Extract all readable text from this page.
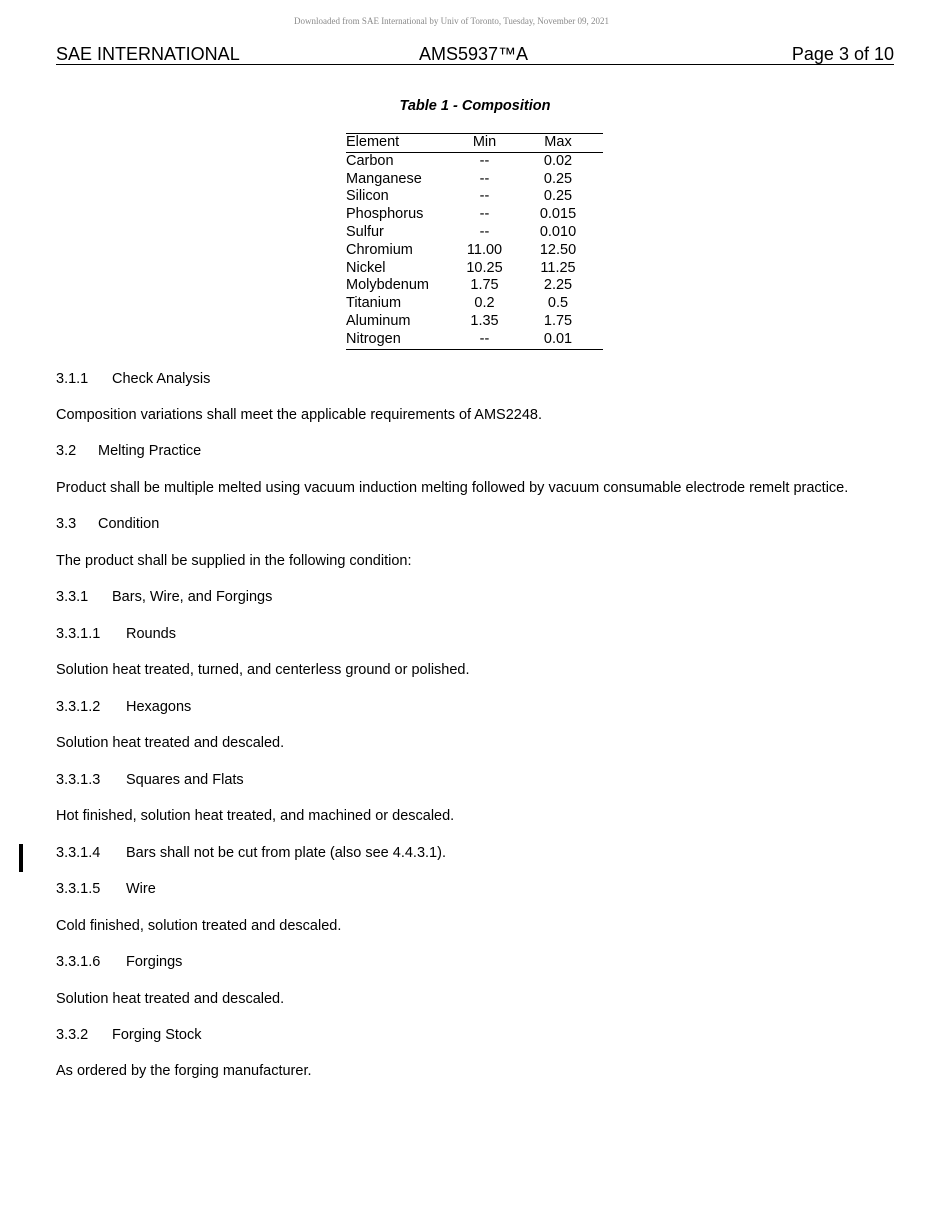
Downloaded from SAE International by Univ of Toronto, Tuesday, November 09, 2021
SAE INTERNATIONAL	AMS5937™A	Page 3 of 10
Table 1 - Composition
Element	Min	Max
Carbon	--	0.02
Manganese	--	0.25
Silicon	--	0.25
Phosphorus	--	0.015
Sulfur	--	0.010
Chromium	11.00	12.50
Nickel	10.25	11.25
Molybdenum	1.75	2.25
Titanium	0.2	0.5
Aluminum	1.35	1.75
Nitrogen	--	0.01
3.1.1 Check Analysis
Composition variations shall meet the applicable requirements of AMS2248.
3.2 Melting Practice
Product shall be multiple melted using vacuum induction melting followed by vacuum consumable electrode remelt practice.
3.3 Condition
The product shall be supplied in the following condition:
3.3.1 Bars, Wire, and Forgings
3.3.1.1 Rounds
Solution heat treated, turned, and centerless ground or polished.
3.3.1.2 Hexagons
Solution heat treated and descaled.
3.3.1.3 Squares and Flats
Hot finished, solution heat treated, and machined or descaled.
3.3.1.4 Bars shall not be cut from plate (also see 4.4.3.1).
3.3.1.5 Wire
Cold finished, solution treated and descaled.
3.3.1.6 Forgings
Solution heat treated and descaled.
3.3.2 Forging Stock
As ordered by the forging manufacturer.
